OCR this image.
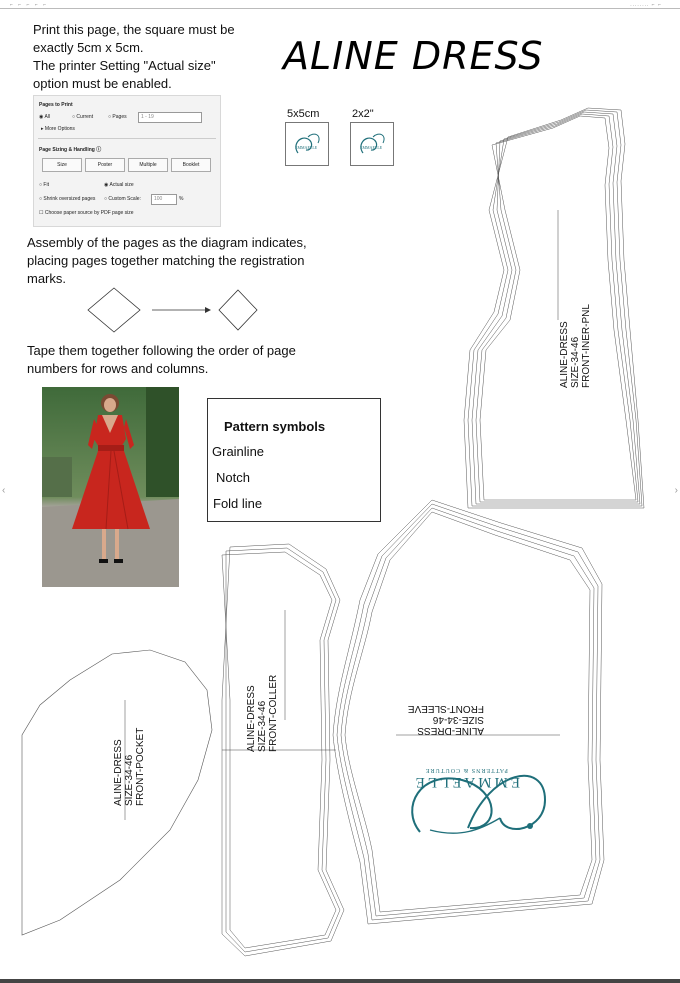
⌐ ⌐ ⌐ ⌐ ⌐	........ ⌐ ⌐
‹	›
Print this page, the square must be
exactly 5cm x 5cm.
The printer Setting "Actual size"
option must be enabled.
ALINE DRESS
Pages to Print
◉ All	○ Current	○ Pages	1 - 19
▸ More Options
Page Sizing & Handling ⓘ
Size	Poster	Multiple	Booklet
○ Fit	◉ Actual size
○ Shrink oversized pages ○ Custom Scale:	100	%
☐ Choose paper source by PDF page size
5x5cm	2x2"
EMMAELLE	EMMAELLE
Assembly of the pages as the diagram indicates,
placing pages together matching the registration
marks.
Tape them together following the order of page
numbers for rows and columns.
Pattern symbols
Grainline
Notch
Fold line
ALINE-DRESS SIZE-34-46 FRONT-INER-PNL
ALINE-DRESS SIZE-34-46 FRONT-COLLER
ALINE-DRESS SIZE-34-46 FRONT-POCKET	ALINE-DRESS
SIZE-34-46
FRONT-SLEEVE
EMMAELLE
PATTERNS & COUTURE
